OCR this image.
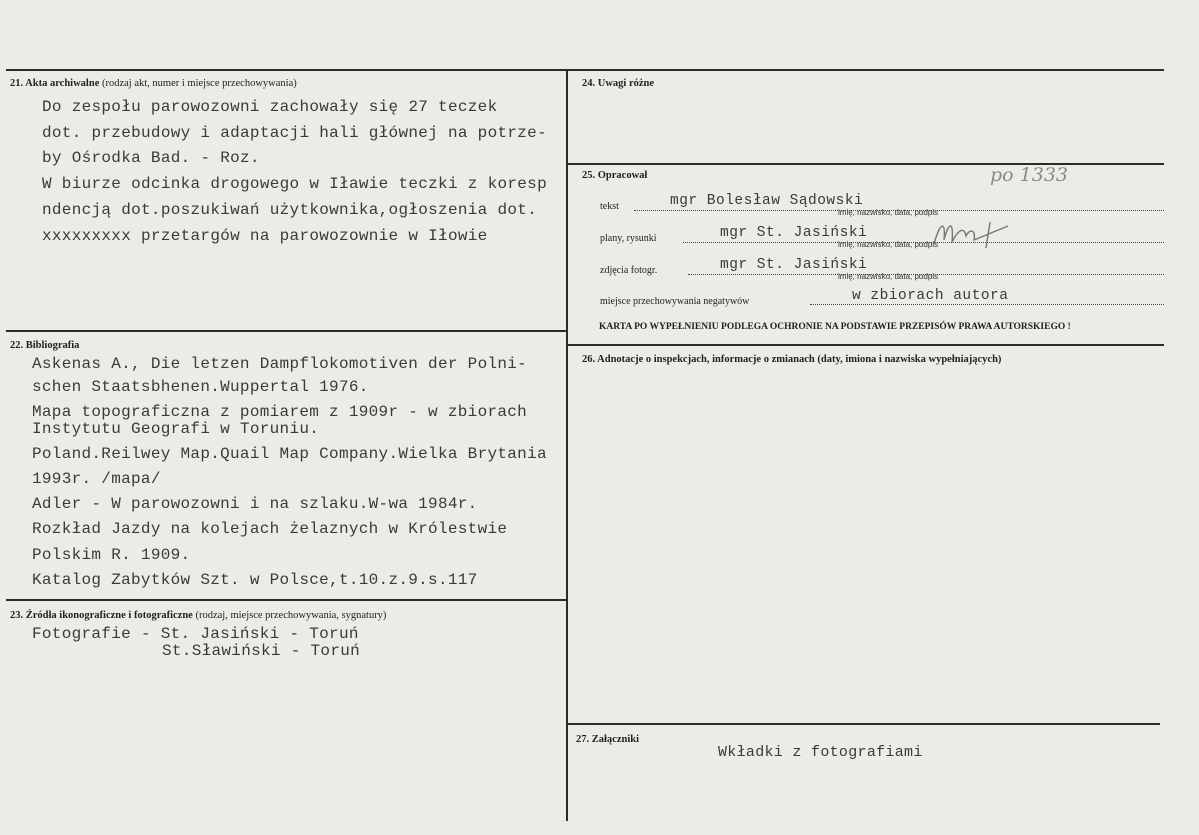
21. Akta archiwalne (rodzaj akt, numer i miejsce przechowywania)
Do zespołu parowozowni zachowały się 27 teczek
dot. przebudowy i adaptacji hali głównej na potrze-
by Ośrodka Bad. - Roz.
W biurze odcinka drogowego w Iławie teczki z koresp
ndencją dot.poszukiwań użytkownika,ogłoszenia dot.
xxxxxxxxx przetargów na parowozownie w Iłowie
22. Bibliografia
Askenas A., Die letzen Dampflokomotiven der Polni-
schen Staatsbhenen.Wuppertal 1976.
Mapa topograficzna z pomiarem z 1909r - w zbiorach
Instytutu Geografi w Toruniu.
Poland.Reilwey Map.Quail Map Company.Wielka Brytania
1993r. /mapa/
Adler - W parowozowni i na szlaku.W-wa 1984r.
Rozkład Jazdy na kolejach żelaznych w Królestwie
Polskim R. 1909.
Katalog Zabytków Szt. w Polsce,t.10.z.9.s.117
23. Źródła ikonograficzne i fotograficzne (rodzaj, miejsce przechowywania, sygnatury)
Fotografie - St. Jasiński - Toruń
St.Sławiński - Toruń
24. Uwagi różne
25. Opracował	po 1333
tekst	mgr Bolesław Sądowski
imię, nazwisko, data, podpis
plany, rysunki	mgr St. Jasiński
imię, nazwisko, data, podpis
zdjęcia fotogr.	mgr St. Jasiński
imię, nazwisko, data, podpis
miejsce przechowywania negatywów	w zbiorach autora
KARTA PO WYPEŁNIENIU PODLEGA OCHRONIE NA PODSTAWIE PRZEPISÓW PRAWA AUTORSKIEGO !
26. Adnotacje o inspekcjach, informacje o zmianach (daty, imiona i nazwiska wypełniających)
27. Załączniki
Wkładki z fotografiami
